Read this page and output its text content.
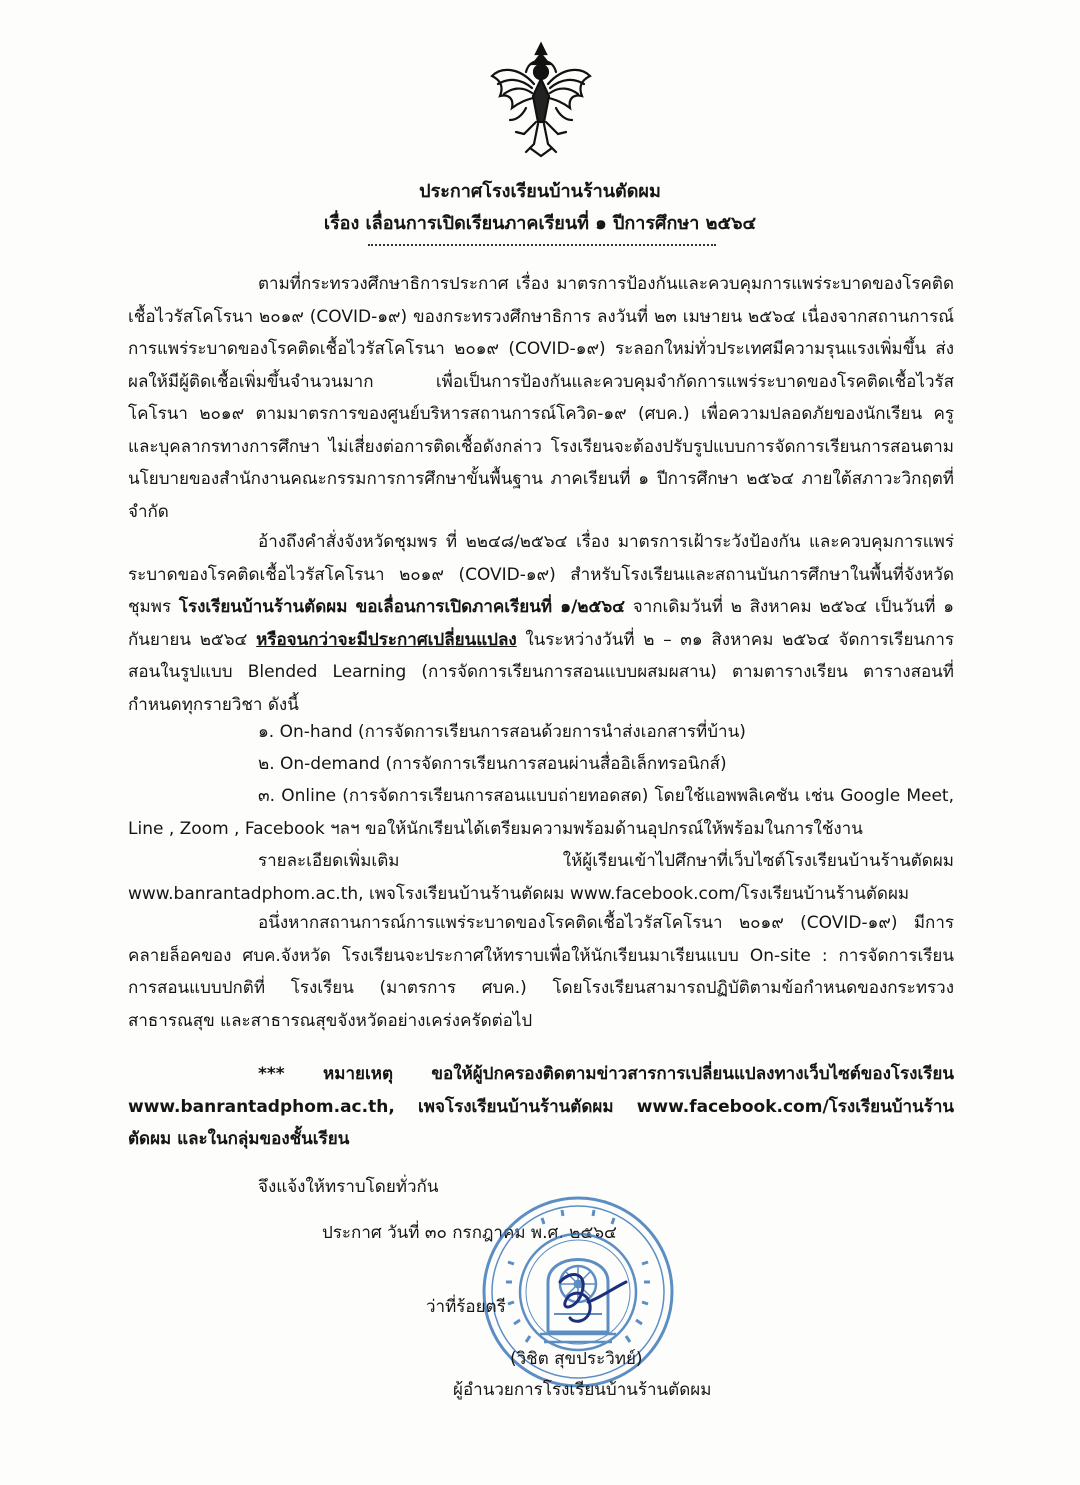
ประกาศโรงเรียนบ้านร้านตัดผม
เรื่อง เลื่อนการเปิดเรียนภาคเรียนที่ ๑ ปีการศึกษา ๒๕๖๔
ตามที่กระทรวงศึกษาธิการประกาศ เรื่อง มาตรการป้องกันและควบคุมการแพร่ระบาดของโรคติดเชื้อไวรัสโคโรนา ๒๐๑๙ (COVID-๑๙) ของกระทรวงศึกษาธิการ ลงวันที่ ๒๓ เมษายน ๒๕๖๔ เนื่องจากสถานการณ์การแพร่ระบาดของโรคติดเชื้อไวรัสโคโรนา ๒๐๑๙ (COVID-๑๙) ระลอกใหม่ทั่วประเทศมีความรุนแรงเพิ่มขึ้น ส่งผลให้มีผู้ติดเชื้อเพิ่มขึ้นจำนวนมาก เพื่อเป็นการป้องกันและควบคุมจำกัดการแพร่ระบาดของโรคติดเชื้อไวรัสโคโรนา ๒๐๑๙ ตามมาตรการของศูนย์บริหารสถานการณ์โควิด-๑๙ (ศบค.) เพื่อความปลอดภัยของนักเรียน ครู และบุคลากรทางการศึกษา ไม่เสี่ยงต่อการติดเชื้อดังกล่าว โรงเรียนจะต้องปรับรูปแบบการจัดการเรียนการสอนตามนโยบายของสำนักงานคณะกรรมการการศึกษาขั้นพื้นฐาน ภาคเรียนที่ ๑ ปีการศึกษา ๒๕๖๔ ภายใต้สภาวะวิกฤตที่จำกัด
อ้างถึงคำสั่งจังหวัดชุมพร ที่ ๒๒๔๘/๒๕๖๔ เรื่อง มาตรการเฝ้าระวังป้องกัน และควบคุมการแพร่ระบาดของโรคติดเชื้อไวรัสโคโรนา ๒๐๑๙ (COVID-๑๙) สำหรับโรงเรียนและสถานบันการศึกษาในพื้นที่จังหวัดชุมพร โรงเรียนบ้านร้านตัดผม ขอเลื่อนการเปิดภาคเรียนที่ ๑/๒๕๖๔ จากเดิมวันที่ ๒ สิงหาคม ๒๕๖๔ เป็นวันที่ ๑ กันยายน ๒๕๖๔ หรือจนกว่าจะมีประกาศเปลี่ยนแปลง ในระหว่างวันที่ ๒ – ๓๑ สิงหาคม ๒๕๖๔ จัดการเรียนการสอนในรูปแบบ Blended Learning (การจัดการเรียนการสอนแบบผสมผสาน) ตามตารางเรียน ตารางสอนที่กำหนดทุกรายวิชา ดังนี้
๑. On-hand (การจัดการเรียนการสอนด้วยการนำส่งเอกสารที่บ้าน)
๒. On-demand (การจัดการเรียนการสอนผ่านสื่ออิเล็กทรอนิกส์)
๓. Online (การจัดการเรียนการสอนแบบถ่ายทอดสด) โดยใช้แอพพลิเคชัน เช่น Google Meet, Line , Zoom , Facebook ฯลฯ ขอให้นักเรียนได้เตรียมความพร้อมด้านอุปกรณ์ให้พร้อมในการใช้งาน
รายละเอียดเพิ่มเติม ให้ผู้เรียนเข้าไปศึกษาที่เว็บไซต์โรงเรียนบ้านร้านตัดผม www.banrantadphom.ac.th, เพจโรงเรียนบ้านร้านตัดผม www.facebook.com/โรงเรียนบ้านร้านตัดผม
อนึ่งหากสถานการณ์การแพร่ระบาดของโรคติดเชื้อไวรัสโคโรนา ๒๐๑๙ (COVID-๑๙) มีการคลายล็อคของ ศบค.จังหวัด โรงเรียนจะประกาศให้ทราบเพื่อให้นักเรียนมาเรียนแบบ On-site : การจัดการเรียนการสอนแบบปกติที่ โรงเรียน (มาตรการ ศบค.) โดยโรงเรียนสามารถปฏิบัติตามข้อกำหนดของกระทรวงสาธารณสุข และสาธารณสุขจังหวัดอย่างเคร่งครัดต่อไป
*** หมายเหตุ ขอให้ผู้ปกครองติดตามข่าวสารการเปลี่ยนแปลงทางเว็บไซต์ของโรงเรียน www.banrantadphom.ac.th, เพจโรงเรียนบ้านร้านตัดผม www.facebook.com/โรงเรียนบ้านร้านตัดผม และในกลุ่มของชั้นเรียน
จึงแจ้งให้ทราบโดยทั่วกัน
ประกาศ วันที่ ๓๐ กรกฎาคม พ.ศ. ๒๕๖๔
ว่าที่ร้อยตรี
(วิชิต สุขประวิทย์)
ผู้อำนวยการโรงเรียนบ้านร้านตัดผม
